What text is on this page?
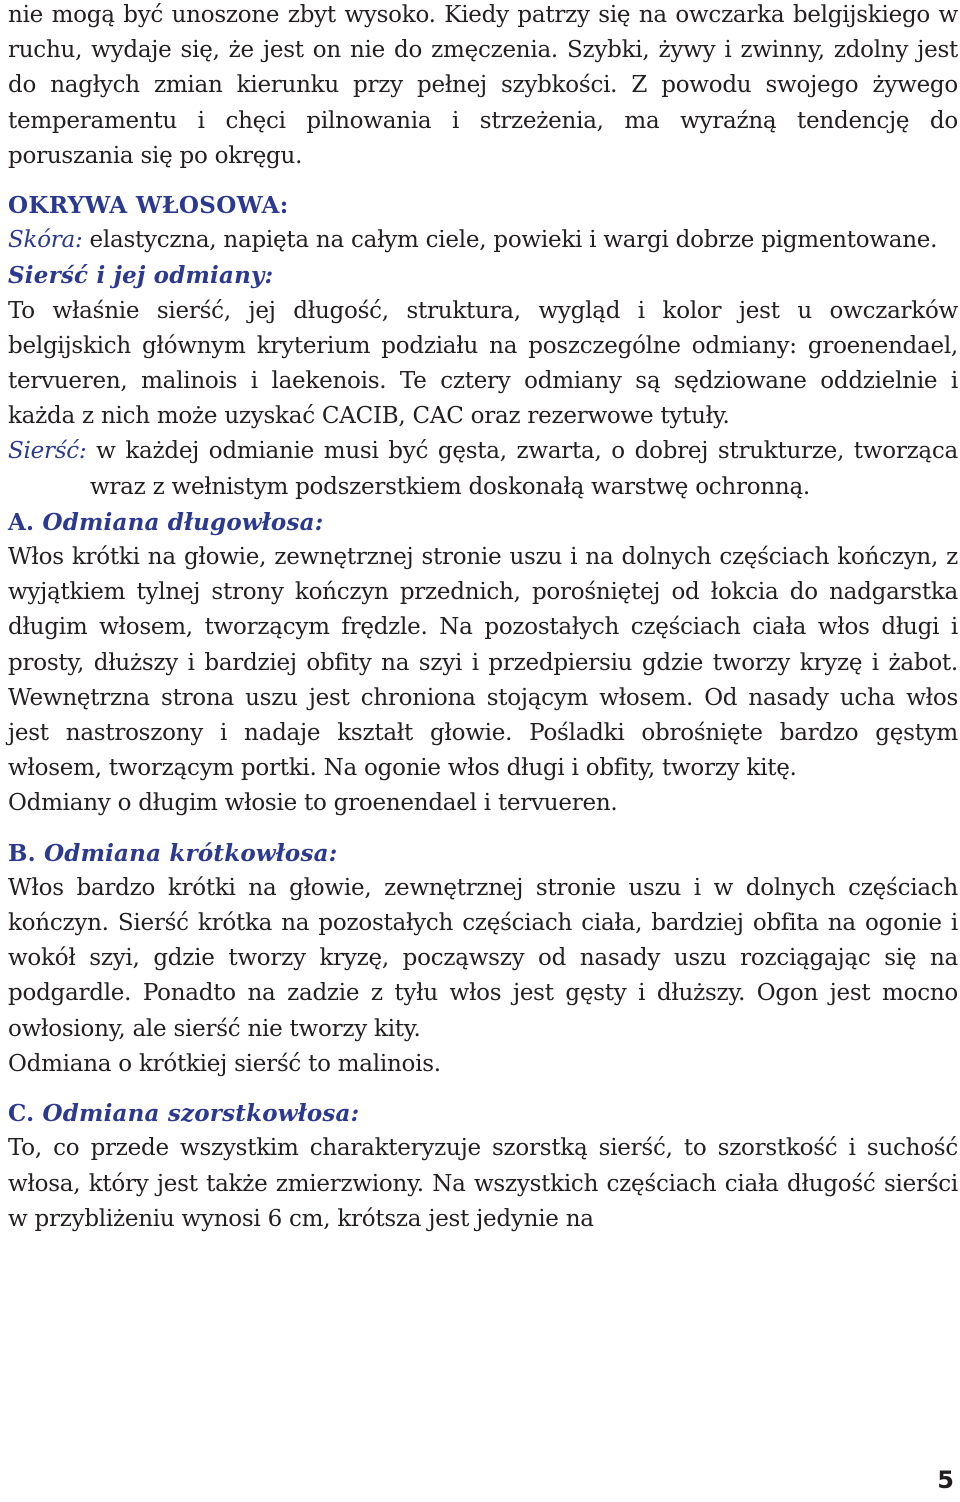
nie mogą być unoszone zbyt wysoko. Kiedy patrzy się na owczarka belgijskiego w ruchu, wydaje się, że jest on nie do zmęczenia. Szybki, żywy i zwinny, zdolny jest do nagłych zmian kierunku przy pełnej szybkości. Z powodu swojego żywego temperamentu i chęci pilnowania i strzeżenia, ma wyraźną tendencję do poruszania się po okręgu.

OKRYWA WŁOSOWA:

Skóra: elastyczna, napięta na całym ciele, powieki i wargi dobrze pigmentowane.

Sierść i jej odmiany:

To właśnie sierść, jej długość, struktura, wygląd i kolor jest u owczarków belgijskich głównym kryterium podziału na poszczególne odmiany: groenendael, tervueren, malinois i laekenois. Te cztery odmiany są sędziowane oddzielnie i każda z nich może uzyskać CACIB, CAC oraz rezerwowe tytuły.

Sierść: w każdej odmianie musi być gęsta, zwarta, o dobrej strukturze, tworząca wraz z wełnistym podszerstkiem doskonałą warstwę ochronną.

A. Odmiana długowłosa:

Włos krótki na głowie, zewnętrznej stronie uszu i na dolnych częściach kończyn, z wyjątkiem tylnej strony kończyn przednich, porośniętej od łokcia do nadgarstka długim włosem, tworzącym frędzle. Na pozostałych częściach ciała włos długi i prosty, dłuższy i bardziej obfity na szyi i przedpiersiu gdzie tworzy kryzę i żabot. Wewnętrzna strona uszu jest chroniona stojącym włosem. Od nasady ucha włos jest nastroszony i nadaje kształt głowie. Pośladki obrośnięte bardzo gęstym włosem, tworzącym portki. Na ogonie włos długi i obfity, tworzy kitę.

Odmiany o długim włosie to groenendael i tervueren.

B. Odmiana krótkowłosa:

Włos bardzo krótki na głowie, zewnętrznej stronie uszu i w dolnych częściach kończyn. Sierść krótka na pozostałych częściach ciała, bardziej obfita na ogonie i wokół szyi, gdzie tworzy kryzę, począwszy od nasady uszu rozciągając się na podgardle. Ponadto na zadzie z tyłu włos jest gęsty i dłuższy. Ogon jest mocno owłosiony, ale sierść nie tworzy kity.

Odmiana o krótkiej sierść to malinois.

C. Odmiana szorstkowłosa:

To, co przede wszystkim charakteryzuje szorstką sierść, to szorstkość i suchość włosa, który jest także zmierzwiony. Na wszystkich częściach ciała długość sierści w przybliżeniu wynosi 6 cm, krótsza jest jedynie na

5
